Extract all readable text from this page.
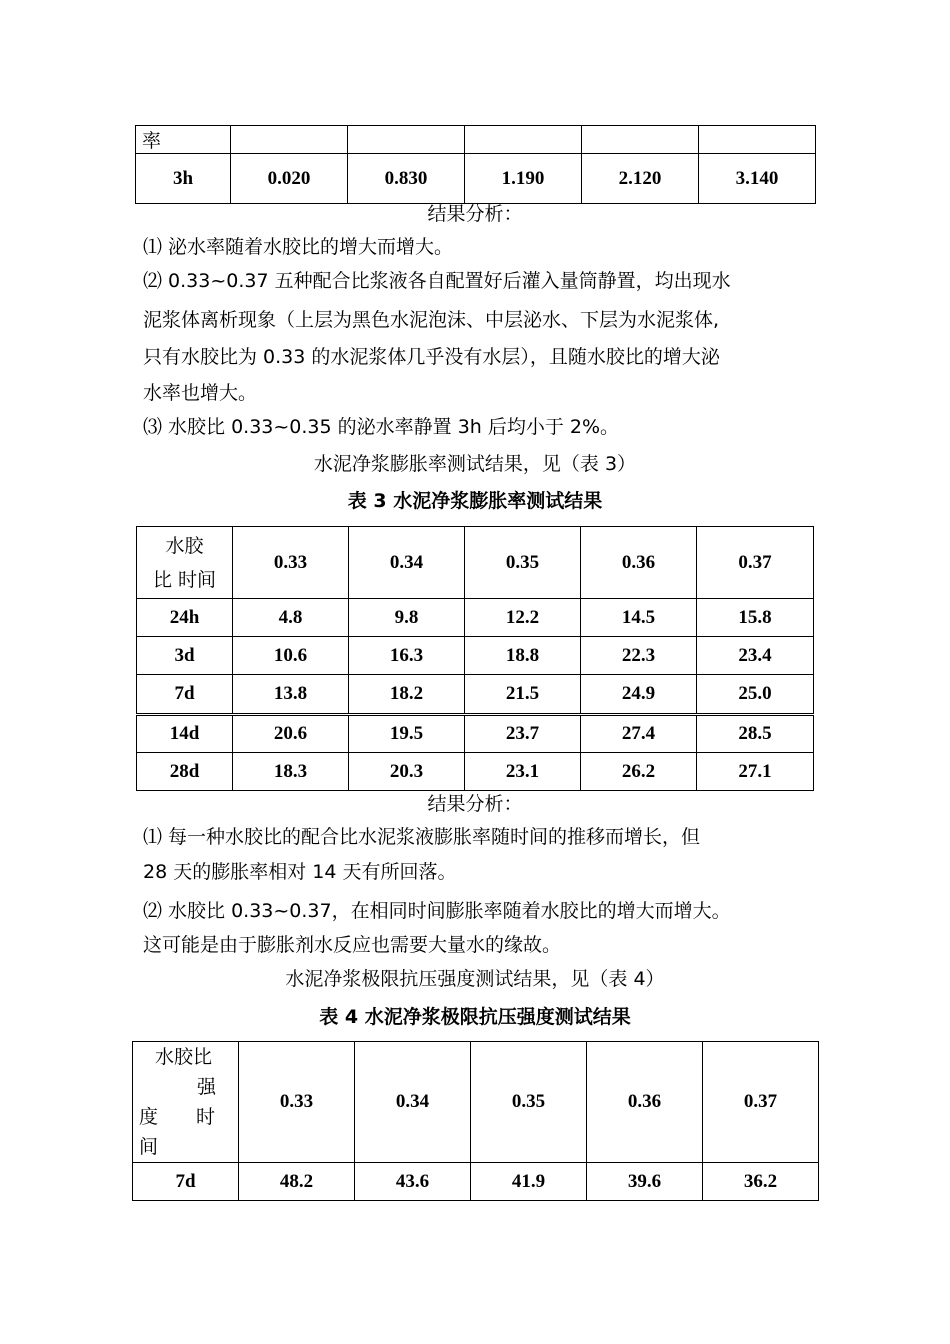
率					
3h	0.020	0.830	1.190	2.120	3.140
结果分析：
⑴ 泌水率随着水胶比的增大而增大。
⑵ 0.33~0.37 五种配合比浆液各自配置好后灌入量筒静置，均出现水
泥浆体离析现象（上层为黑色水泥泡沫、中层泌水、下层为水泥浆体,
只有水胶比为 0.33 的水泥浆体几乎没有水层），且随水胶比的增大泌
水率也增大。
⑶ 水胶比 0.33~0.35 的泌水率静置 3h 后均小于 2%。
水泥净浆膨胀率测试结果，见（表 3）
表 3 水泥净浆膨胀率测试结果
水胶
比 时间	0.33	0.34	0.35	0.36	0.37
24h	4.8	9.8	12.2	14.5	15.8
3d	10.6	16.3	18.8	22.3	23.4
7d	13.8	18.2	21.5	24.9	25.0
14d	20.6	19.5	23.7	27.4	28.5
28d	18.3	20.3	23.1	26.2	27.1
结果分析：
⑴ 每一种水胶比的配合比水泥浆液膨胀率随时间的推移而增长，但
28 天的膨胀率相对 14 天有所回落。
⑵ 水胶比 0.33~0.37，在相同时间膨胀率随着水胶比的增大而增大。
这可能是由于膨胀剂水反应也需要大量水的缘故。
水泥净浆极限抗压强度测试结果，见（表 4）
表 4 水泥净浆极限抗压强度测试结果
水胶比
强
度　　时
间	0.33	0.34	0.35	0.36	0.37
7d	48.2	43.6	41.9	39.6	36.2
